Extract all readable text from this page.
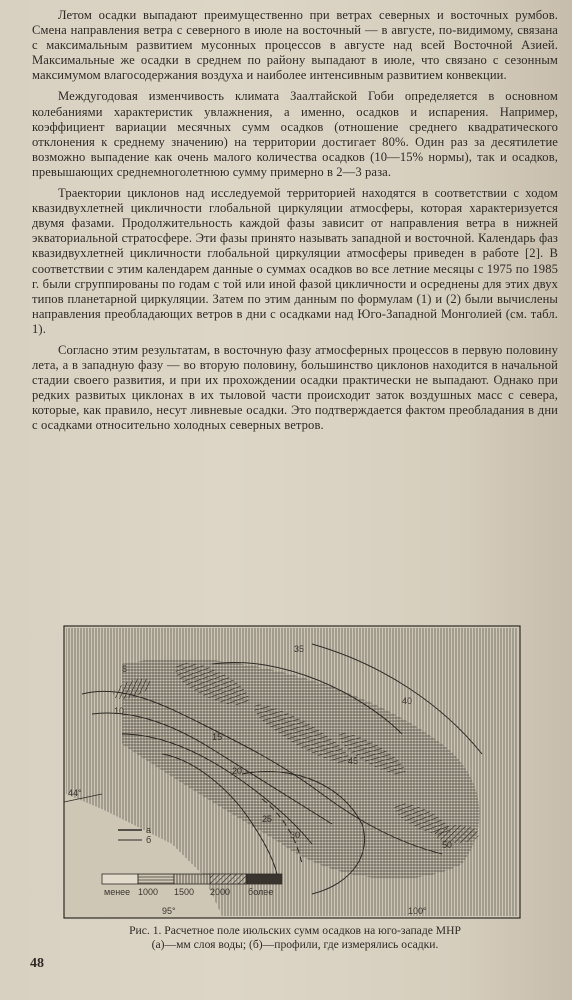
Летом осадки выпадают преимущественно при ветрах северных и восточных румбов. Смена направления ветра с северного в июле на восточный — в августе, по-видимому, связана с максимальным развитием мусонных процессов в августе над всей Восточной Азией. Максимальные же осадки в среднем по району выпадают в июле, что связано с сезонным максимумом влагосодержания воздуха и наиболее интенсивным развитием конвекции.

Междугодовая изменчивость климата Заалтайской Гоби определяется в основном колебаниями характеристик увлажнения, а именно, осадков и испарения. Например, коэффициент вариации месячных сумм осадков (отношение среднего квадратического отклонения к среднему значению) на территории достигает 80%. Один раз за десятилетие возможно выпадение как очень малого количества осадков (10—15% нормы), так и осадков, превышающих среднемноголетнюю сумму примерно в 2—3 раза.

Траектории циклонов над исследуемой территорией находятся в соответствии с ходом квазидвухлетней цикличности глобальной циркуляции атмосферы, которая характеризуется двумя фазами. Продолжительность каждой фазы зависит от направления ветра в нижней экваториальной стратосфере. Эти фазы принято называть западной и восточной. Календарь фаз квазидвухлетней цикличности глобальной циркуляции атмосферы приведен в работе [2]. В соответствии с этим календарем данные о суммах осадков во все летние месяцы с 1975 по 1985 г. были сгруппированы по годам с той или иной фазой цикличности и осреднены для этих двух типов планетарной циркуляции. Затем по этим данным по формулам (1) и (2) были вычислены направления преобладающих ветров в дни с осадками над Юго-Западной Монголией (см. табл. 1).

Согласно этим результатам, в восточную фазу атмосферных процессов в первую половину лета, а в западную фазу — во вторую половину, большинство циклонов находится в начальной стадии своего развития, и при их прохождении осадки практически не выпадают. Однако при редких развитых циклонах в их тыловой части происходит заток воздушных масс с севера, которые, как правило, несут ливневые осадки. Это подтверждается фактом преобладания в дни с осадками относительно холодных северных ветров.

44°
5
10
15
20
25
30
35
40
45
50
а
б
менее 1000 1500 2000 более
95°	100°
Рис. 1. Расчетное поле июльских сумм осадков на юго-западе МНР
(а)—мм слоя воды; (б)—профили, где измерялись осадки.
48
